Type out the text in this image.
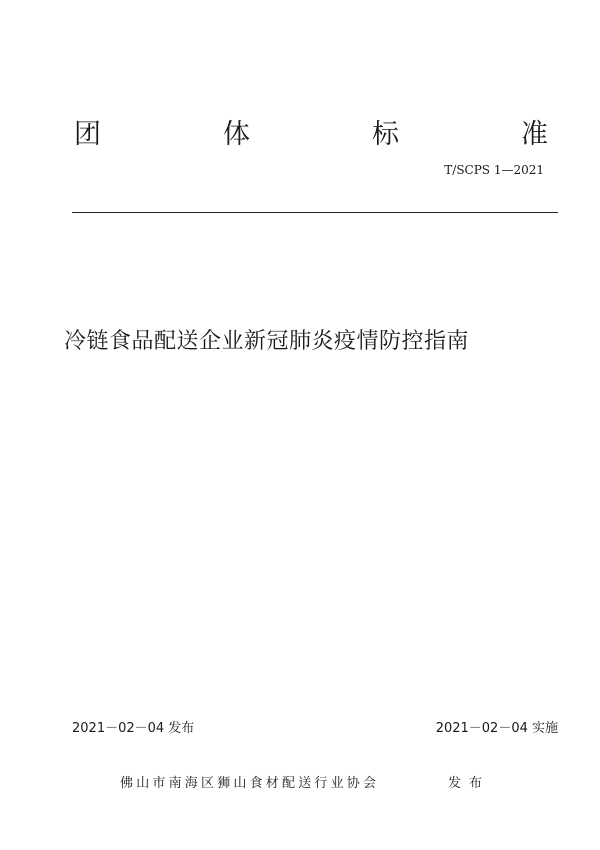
团	体	标	准
T/SCPS 1—2021
冷链食品配送企业新冠肺炎疫情防控指南
2021－02－04 发布	2021－02－04 实施
佛山市南海区狮山食材配送行业协会	发布
